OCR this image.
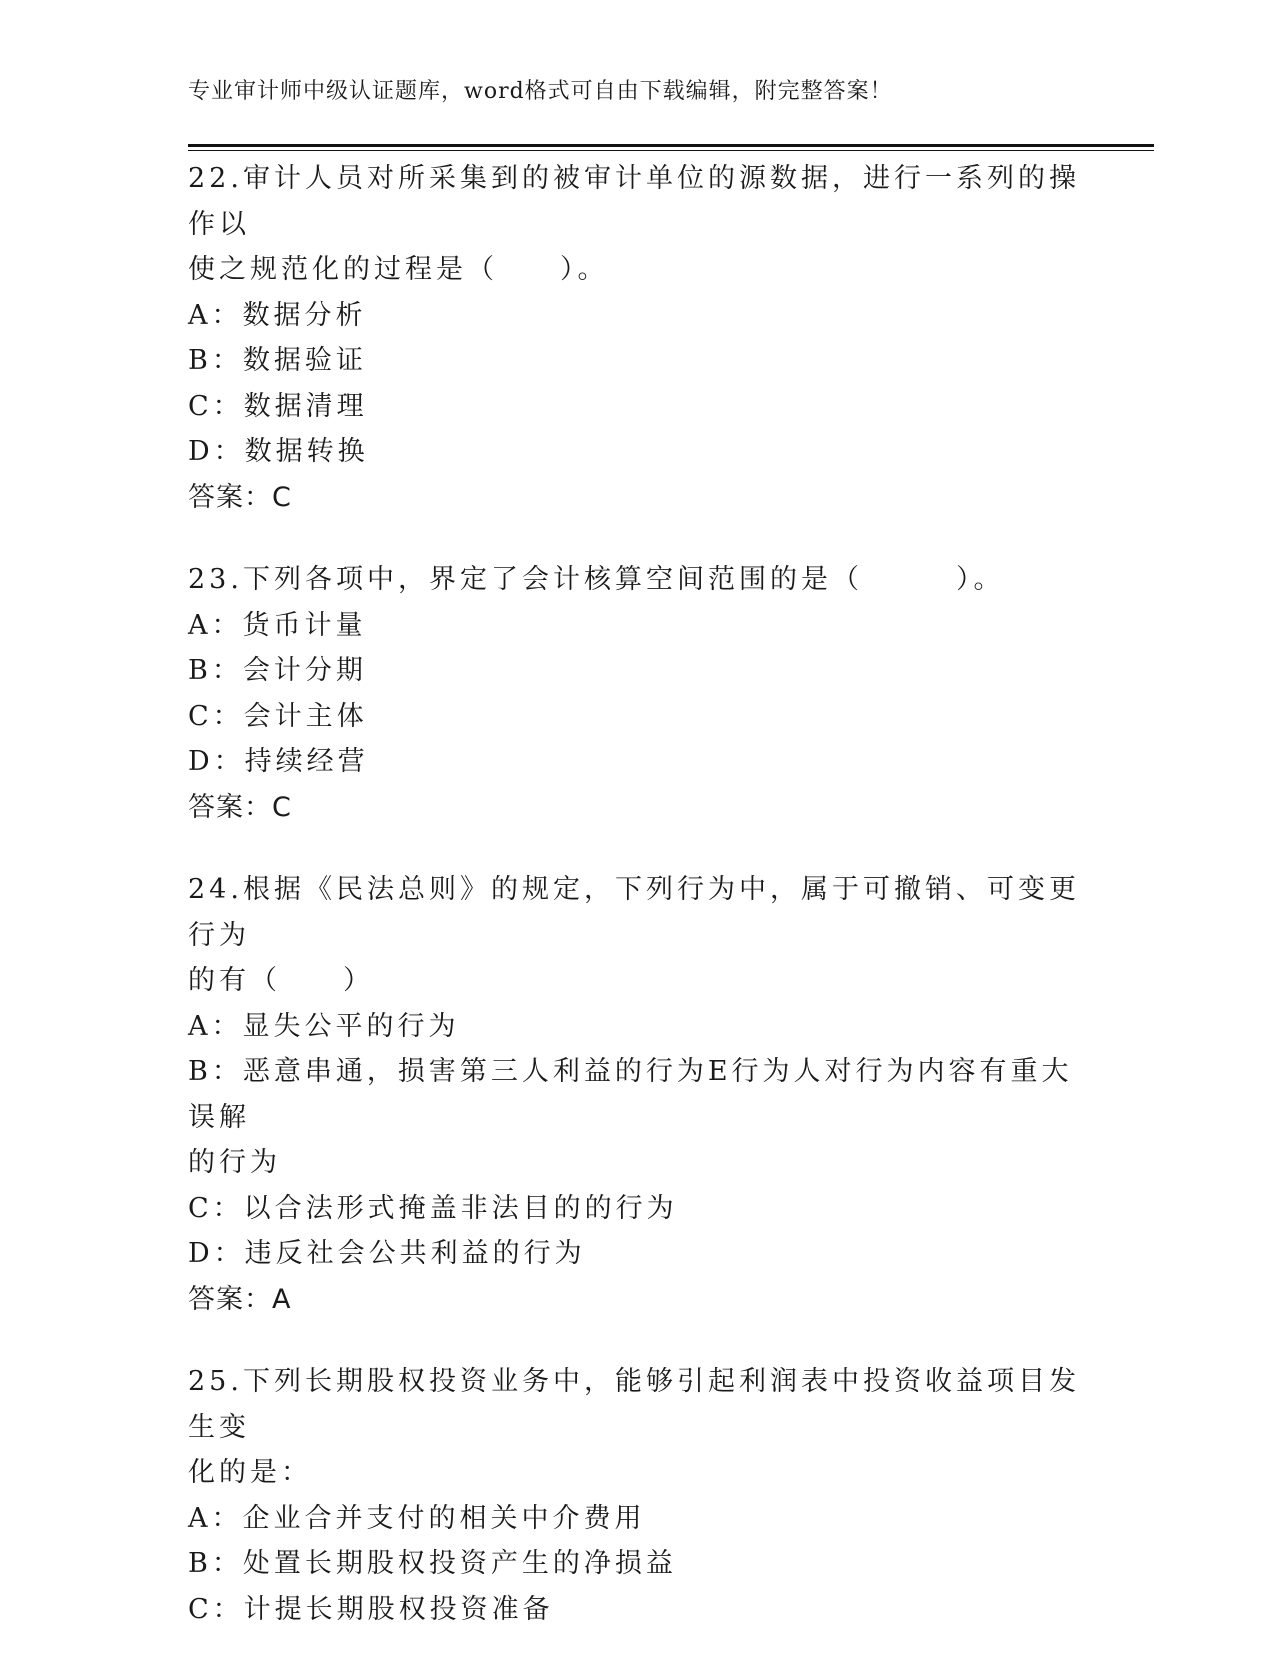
专业审计师中级认证题库，word格式可自由下载编辑，附完整答案！
22.审计人员对所采集到的被审计单位的源数据，进行一系列的操作以
使之规范化的过程是（　　）。
A：数据分析
B：数据验证
C：数据清理
D：数据转换
答案：C
23.下列各项中，界定了会计核算空间范围的是（　　　）。
A：货币计量
B：会计分期
C：会计主体
D：持续经营
答案：C
24.根据《民法总则》的规定，下列行为中，属于可撤销、可变更行为
的有（　　）
A：显失公平的行为
B：恶意串通，损害第三人利益的行为E行为人对行为内容有重大误解
的行为
C：以合法形式掩盖非法目的的行为
D：违反社会公共利益的行为
答案：A
25.下列长期股权投资业务中，能够引起利润表中投资收益项目发生变
化的是：
A：企业合并支付的相关中介费用
B：处置长期股权投资产生的净损益
C：计提长期股权投资准备
